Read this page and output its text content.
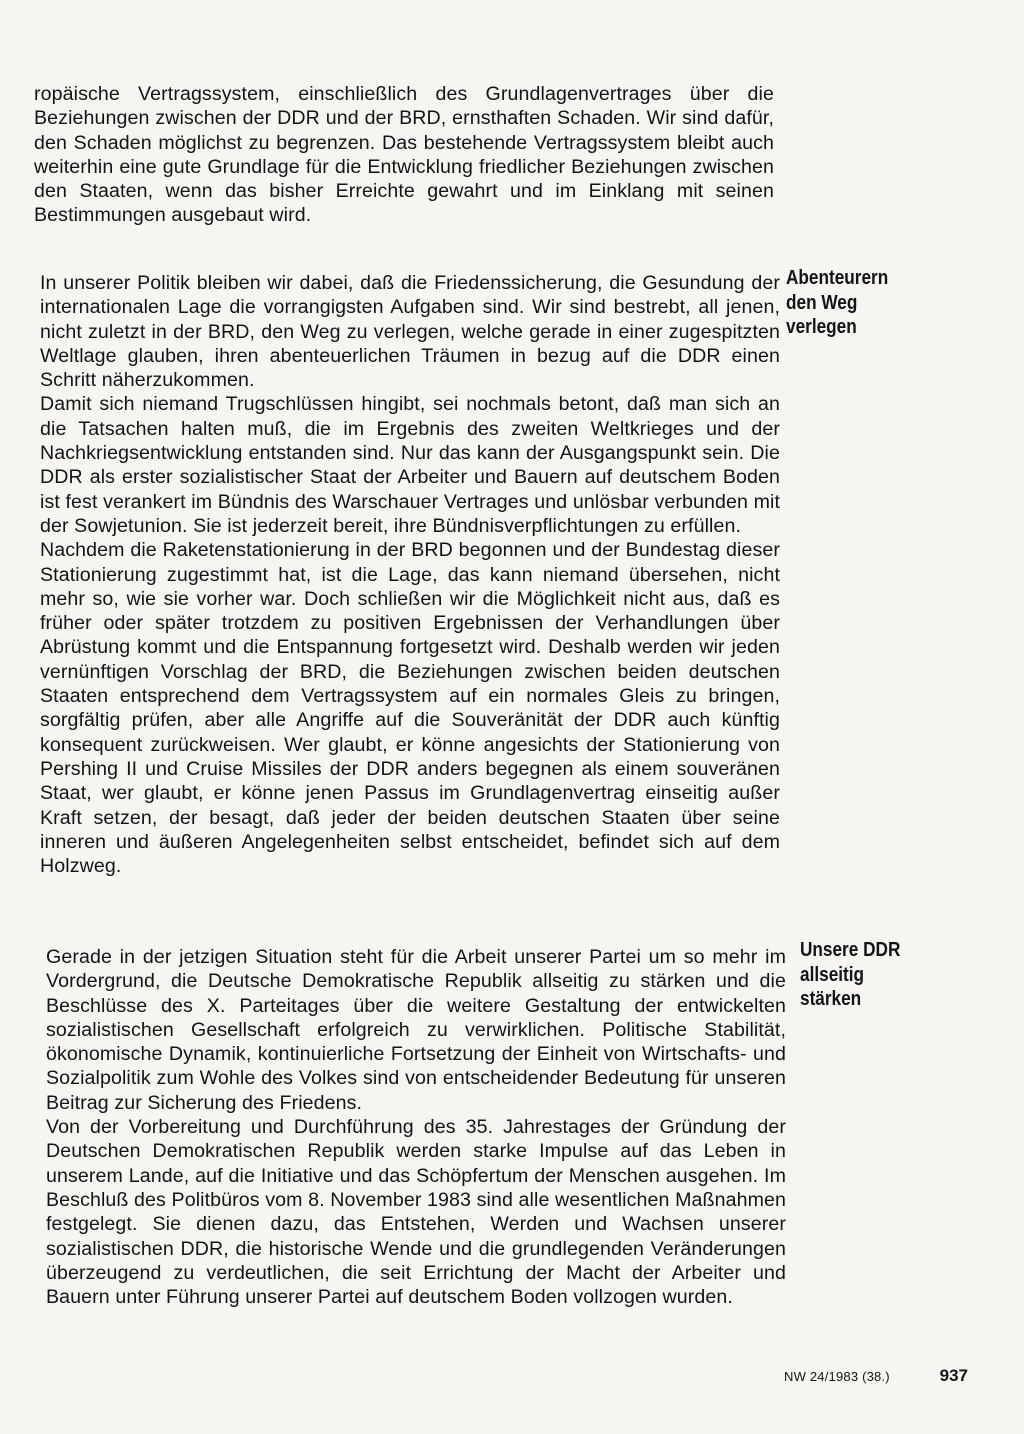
ropäische Vertragssystem, einschließlich des Grundlagenvertrages über die Beziehungen zwischen der DDR und der BRD, ernsthaften Schaden. Wir sind dafür, den Schaden möglichst zu begrenzen. Das bestehende Vertragssystem bleibt auch weiterhin eine gute Grundlage für die Entwicklung friedlicher Beziehungen zwischen den Staaten, wenn das bisher Erreichte gewahrt und im Einklang mit seinen Bestimmungen ausgebaut wird.

In unserer Politik bleiben wir dabei, daß die Friedenssicherung, die Gesundung der internationalen Lage die vorrangigsten Aufgaben sind. Wir sind bestrebt, all jenen, nicht zuletzt in der BRD, den Weg zu verlegen, welche gerade in einer zugespitzten Weltlage glauben, ihren abenteuerlichen Träumen in bezug auf die DDR einen Schritt näherzukommen.

Damit sich niemand Trugschlüssen hingibt, sei nochmals betont, daß man sich an die Tatsachen halten muß, die im Ergebnis des zweiten Weltkrieges und der Nachkriegsentwicklung entstanden sind. Nur das kann der Ausgangspunkt sein. Die DDR als erster sozialistischer Staat der Arbeiter und Bauern auf deutschem Boden ist fest verankert im Bündnis des Warschauer Vertrages und unlösbar verbunden mit der Sowjetunion. Sie ist jederzeit bereit, ihre Bündnisverpflichtungen zu erfüllen.

Nachdem die Raketenstationierung in der BRD begonnen und der Bundestag dieser Stationierung zugestimmt hat, ist die Lage, das kann niemand übersehen, nicht mehr so, wie sie vorher war. Doch schließen wir die Möglichkeit nicht aus, daß es früher oder später trotzdem zu positiven Ergebnissen der Verhandlungen über Abrüstung kommt und die Entspannung fortgesetzt wird. Deshalb werden wir jeden vernünftigen Vorschlag der BRD, die Beziehungen zwischen beiden deutschen Staaten entsprechend dem Vertragssystem auf ein normales Gleis zu bringen, sorgfältig prüfen, aber alle Angriffe auf die Souveränität der DDR auch künftig konsequent zurückweisen. Wer glaubt, er könne angesichts der Stationierung von Pershing II und Cruise Missiles der DDR anders begegnen als einem souveränen Staat, wer glaubt, er könne jenen Passus im Grundlagenvertrag einseitig außer Kraft setzen, der besagt, daß jeder der beiden deutschen Staaten über seine inneren und äußeren Angelegenheiten selbst entscheidet, befindet sich auf dem Holzweg.

Gerade in der jetzigen Situation steht für die Arbeit unserer Partei um so mehr im Vordergrund, die Deutsche Demokratische Republik allseitig zu stärken und die Beschlüsse des X. Parteitages über die weitere Gestaltung der entwickelten sozialistischen Gesellschaft erfolgreich zu verwirklichen. Politische Stabilität, ökonomische Dynamik, kontinuierliche Fortsetzung der Einheit von Wirtschafts- und Sozialpolitik zum Wohle des Volkes sind von entscheidender Bedeutung für unseren Beitrag zur Sicherung des Friedens.

Von der Vorbereitung und Durchführung des 35. Jahrestages der Gründung der Deutschen Demokratischen Republik werden starke Impulse auf das Leben in unserem Lande, auf die Initiative und das Schöpfertum der Menschen ausgehen. Im Beschluß des Politbüros vom 8. November 1983 sind alle wesentlichen Maßnahmen festgelegt. Sie dienen dazu, das Entstehen, Werden und Wachsen unserer sozialistischen DDR, die historische Wende und die grundlegenden Veränderungen überzeugend zu verdeutlichen, die seit Errichtung der Macht der Arbeiter und Bauern unter Führung unserer Partei auf deutschem Boden vollzogen wurden.

Abenteurern
den Weg
verlegen
Unsere DDR
allseitig
stärken
NW 24/1983 (38.)	937
